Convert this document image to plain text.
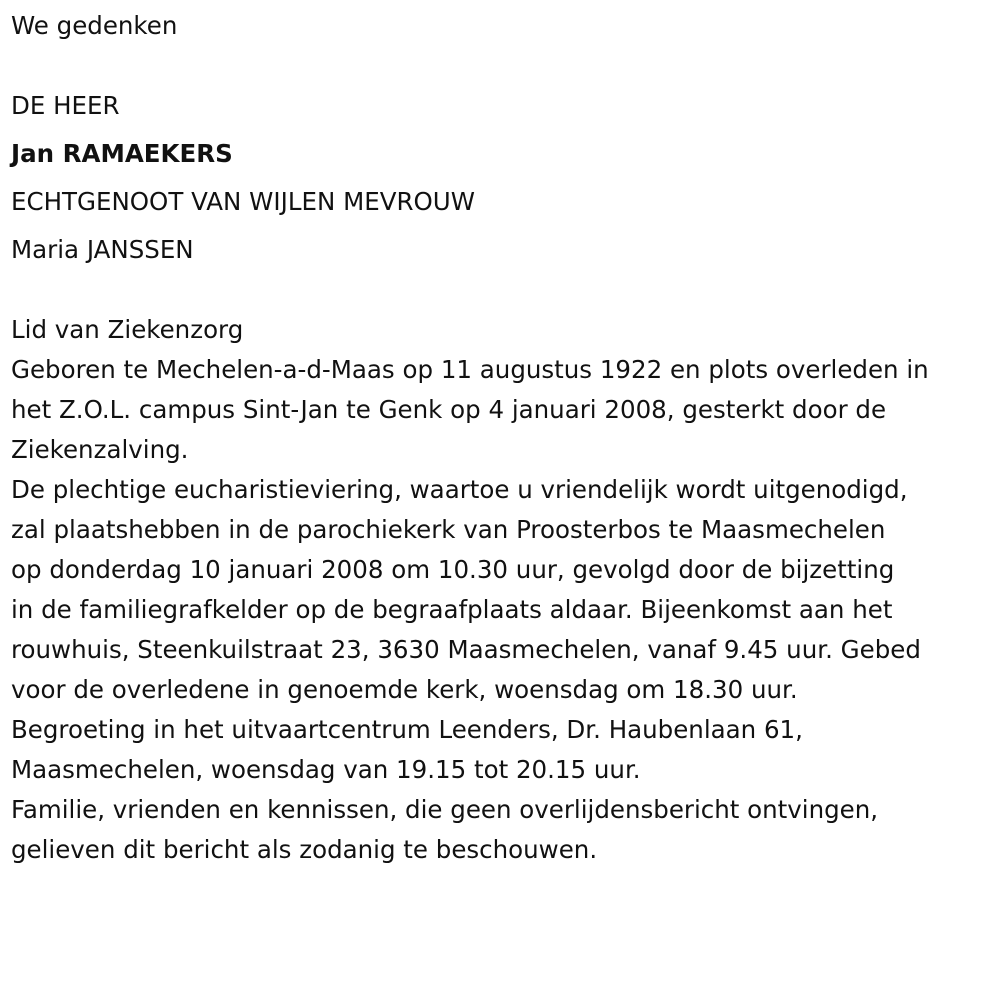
We gedenken

DE HEER

Jan RAMAEKERS

ECHTGENOOT VAN WIJLEN MEVROUW

Maria JANSSEN

Lid van Ziekenzorg

Geboren te Mechelen-a-d-Maas op 11 augustus 1922 en plots overleden in
het Z.O.L. campus Sint-Jan te Genk op 4 januari 2008, gesterkt door de
Ziekenzalving.
De plechtige eucharistieviering, waartoe u vriendelijk wordt uitgenodigd,
zal plaatshebben in de parochiekerk van Proosterbos te Maasmechelen
op donderdag 10 januari 2008 om 10.30 uur, gevolgd door de bijzetting
in de familiegrafkelder op de begraafplaats aldaar. Bijeenkomst aan het
rouwhuis, Steenkuilstraat 23, 3630 Maasmechelen, vanaf 9.45 uur. Gebed
voor de overledene in genoemde kerk, woensdag om 18.30 uur.
Begroeting in het uitvaartcentrum Leenders, Dr. Haubenlaan 61,
Maasmechelen, woensdag van 19.15 tot 20.15 uur.
Familie, vrienden en kennissen, die geen overlijdensbericht ontvingen,
gelieven dit bericht als zodanig te beschouwen.
